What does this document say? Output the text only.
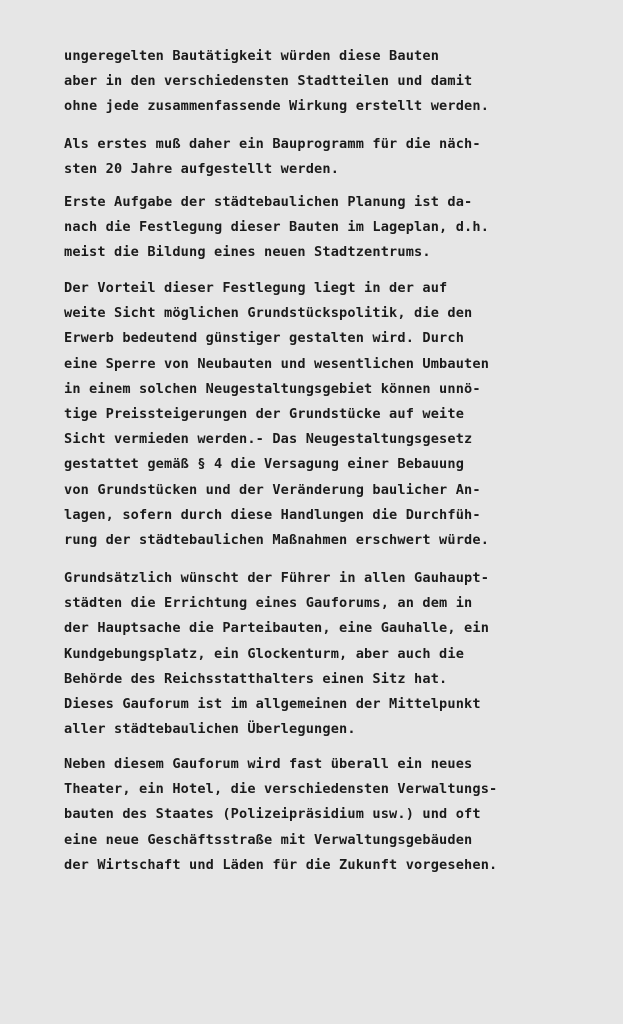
ungeregelten Bautätigkeit würden diese Bauten
aber in den verschiedensten Stadtteilen und damit
ohne jede zusammenfassende Wirkung erstellt werden.
Als erstes muß daher ein Bauprogramm für die näch-
sten 20 Jahre aufgestellt werden.
Erste Aufgabe der städtebaulichen Planung ist da-
nach die Festlegung dieser Bauten im Lageplan, d.h.
meist die Bildung eines neuen Stadtzentrums.
Der Vorteil dieser Festlegung liegt in der auf
weite Sicht möglichen Grundstückspolitik, die den
Erwerb bedeutend günstiger gestalten wird. Durch
eine Sperre von Neubauten und wesentlichen Umbauten
in einem solchen Neugestaltungsgebiet können unnö-
tige Preissteigerungen der Grundstücke auf weite
Sicht vermieden werden.- Das Neugestaltungsgesetz
gestattet gemäß § 4 die Versagung einer Bebauung
von Grundstücken und der Veränderung baulicher An-
lagen, sofern durch diese Handlungen die Durchfüh-
rung der städtebaulichen Maßnahmen erschwert würde.
Grundsätzlich wünscht der Führer in allen Gauhaupt-
städten die Errichtung eines Gauforums, an dem in
der Hauptsache die Parteibauten, eine Gauhalle, ein
Kundgebungsplatz, ein Glockenturm, aber auch die
Behörde des Reichsstatthalters einen Sitz hat.
Dieses Gauforum ist im allgemeinen der Mittelpunkt
aller städtebaulichen Überlegungen.
Neben diesem Gauforum wird fast überall ein neues
Theater, ein Hotel, die verschiedensten Verwaltungs-
bauten des Staates (Polizeipräsidium usw.) und oft
eine neue Geschäftsstraße mit Verwaltungsgebäuden
der Wirtschaft und Läden für die Zukunft vorgesehen.
